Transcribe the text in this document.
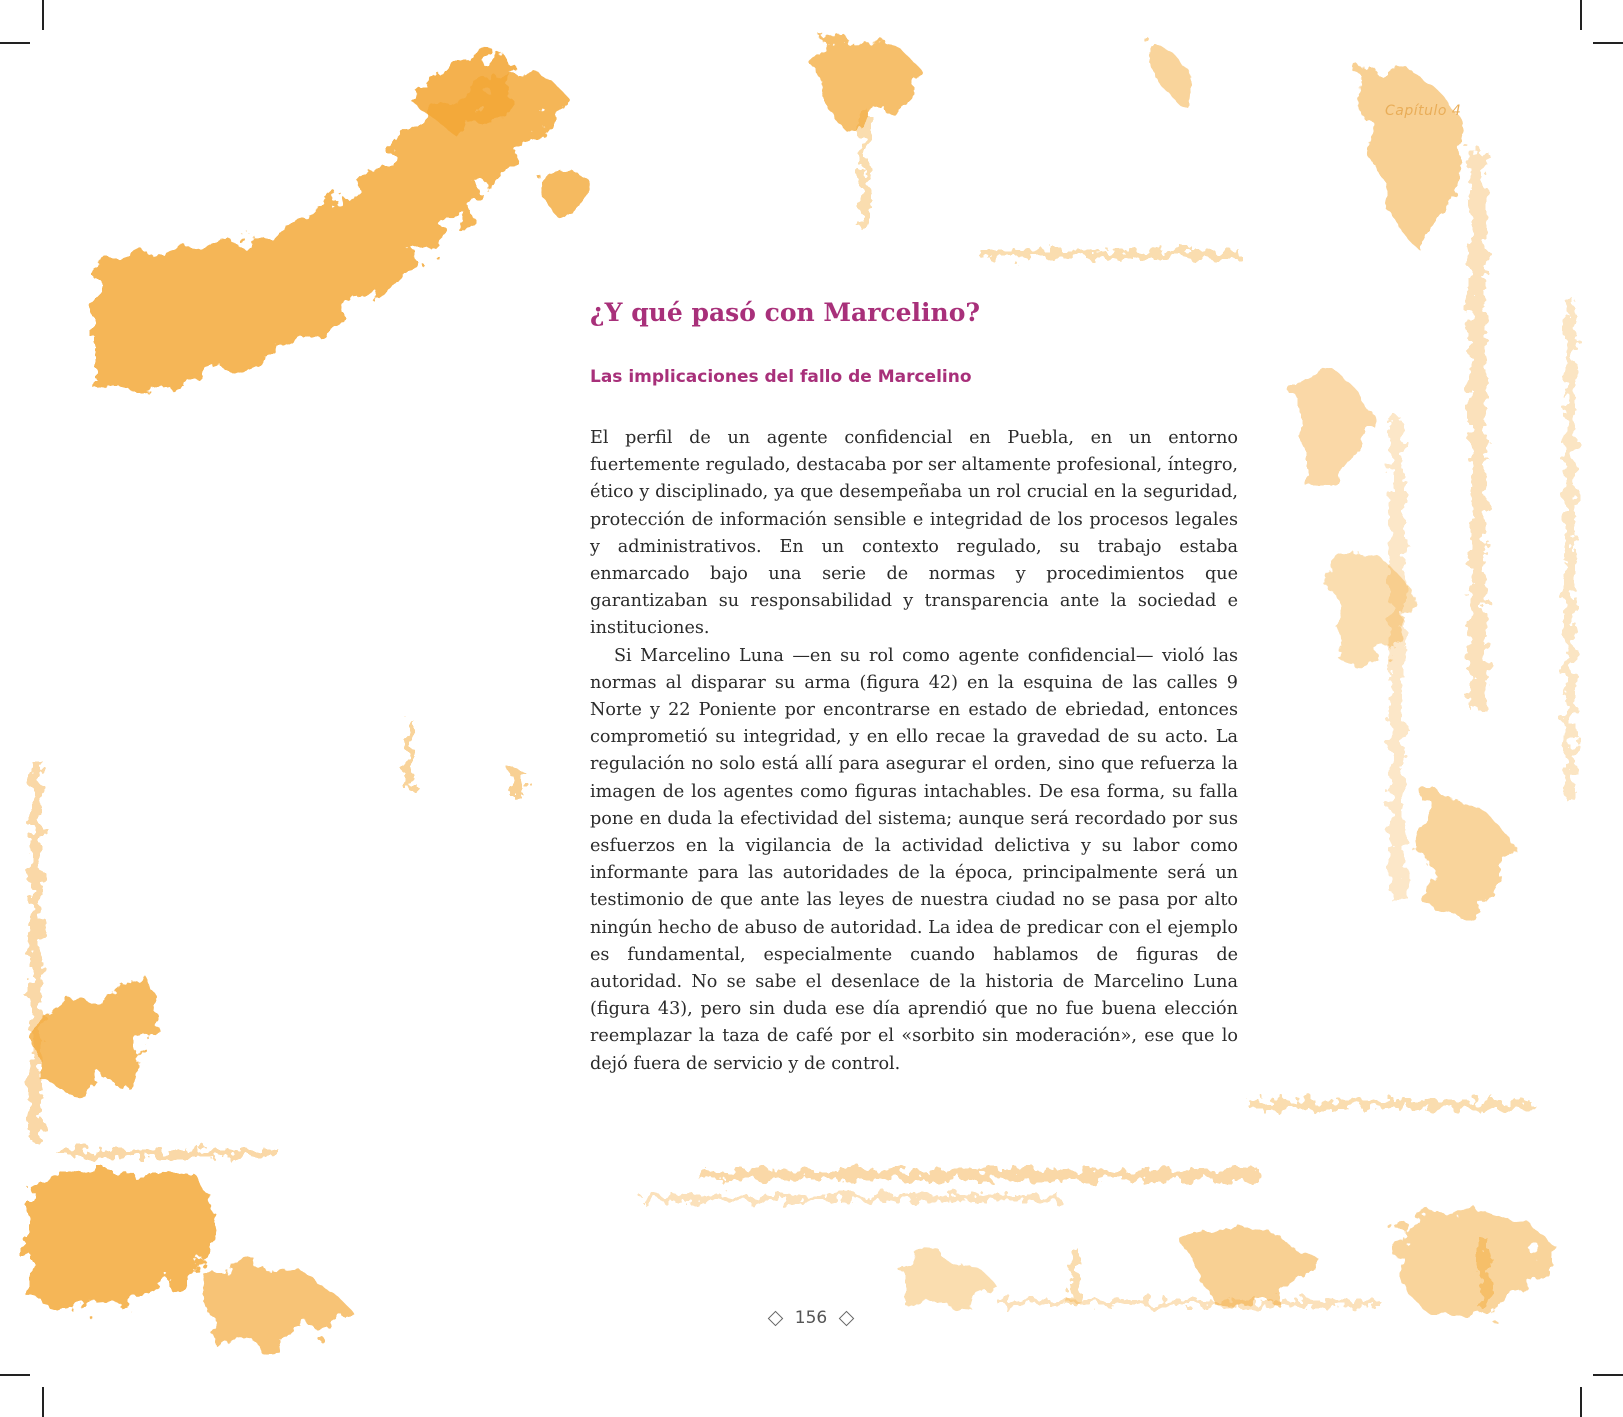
Capítulo 4
¿Y qué pasó con Marcelino?
Las implicaciones del fallo de Marcelino

El perfil de un agente confidencial en Puebla, en un entorno fuertemente regulado, destacaba por ser altamente profesional, íntegro, ético y disciplinado, ya que desempeñaba un rol crucial en la seguridad, protección de información sensible e integridad de los procesos legales y administrativos. En un contexto regulado, su trabajo estaba enmarcado bajo una serie de normas y procedimientos que garantizaban su responsabilidad y transparencia ante la sociedad e instituciones.

Si Marcelino Luna —en su rol como agente confidencial— violó las normas al disparar su arma (figura 42) en la esquina de las calles 9 Norte y 22 Poniente por encontrarse en estado de ebriedad, entonces comprometió su integridad, y en ello recae la gravedad de su acto. La regulación no solo está allí para asegurar el orden, sino que refuerza la imagen de los agentes como figuras intachables. De esa forma, su falla pone en duda la efectividad del sistema; aunque será recordado por sus esfuerzos en la vigilancia de la actividad delictiva y su labor como informante para las autoridades de la época, principalmente será un testimonio de que ante las leyes de nuestra ciudad no se pasa por alto ningún hecho de abuso de autoridad. La idea de predicar con el ejemplo es fundamental, especialmente cuando hablamos de figuras de autoridad. No se sabe el desenlace de la historia de Marcelino Luna (figura 43), pero sin duda ese día aprendió que no fue buena elección reemplazar la taza de café por el «sorbito sin moderación», ese que lo dejó fuera de servicio y de control.

156
